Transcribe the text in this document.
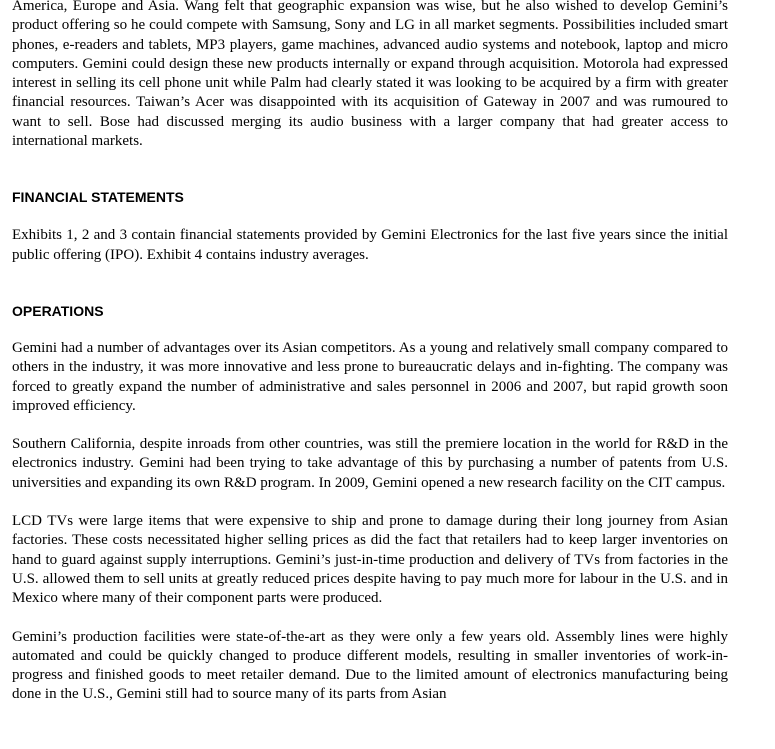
America, Europe and Asia. Wang felt that geographic expansion was wise, but he also wished to develop Gemini’s product offering so he could compete with Samsung, Sony and LG in all market segments. Possibilities included smart phones, e-readers and tablets, MP3 players, game machines, advanced audio systems and notebook, laptop and micro computers. Gemini could design these new products internally or expand through acquisition. Motorola had expressed interest in selling its cell phone unit while Palm had clearly stated it was looking to be acquired by a firm with greater financial resources. Taiwan’s Acer was disappointed with its acquisition of Gateway in 2007 and was rumoured to want to sell. Bose had discussed merging its audio business with a larger company that had greater access to international markets.

FINANCIAL STATEMENTS

Exhibits 1, 2 and 3 contain financial statements provided by Gemini Electronics for the last five years since the initial public offering (IPO). Exhibit 4 contains industry averages.

OPERATIONS

Gemini had a number of advantages over its Asian competitors. As a young and relatively small company compared to others in the industry, it was more innovative and less prone to bureaucratic delays and in-fighting. The company was forced to greatly expand the number of administrative and sales personnel in 2006 and 2007, but rapid growth soon improved efficiency.

Southern California, despite inroads from other countries, was still the premiere location in the world for R&D in the electronics industry. Gemini had been trying to take advantage of this by purchasing a number of patents from U.S. universities and expanding its own R&D program. In 2009, Gemini opened a new research facility on the CIT campus.

LCD TVs were large items that were expensive to ship and prone to damage during their long journey from Asian factories. These costs necessitated higher selling prices as did the fact that retailers had to keep larger inventories on hand to guard against supply interruptions. Gemini’s just-in-time production and delivery of TVs from factories in the U.S. allowed them to sell units at greatly reduced prices despite having to pay much more for labour in the U.S. and in Mexico where many of their component parts were produced.

Gemini’s production facilities were state-of-the-art as they were only a few years old. Assembly lines were highly automated and could be quickly changed to produce different models, resulting in smaller inventories of work-in-progress and finished goods to meet retailer demand. Due to the limited amount of electronics manufacturing being done in the U.S., Gemini still had to source many of its parts from Asian
